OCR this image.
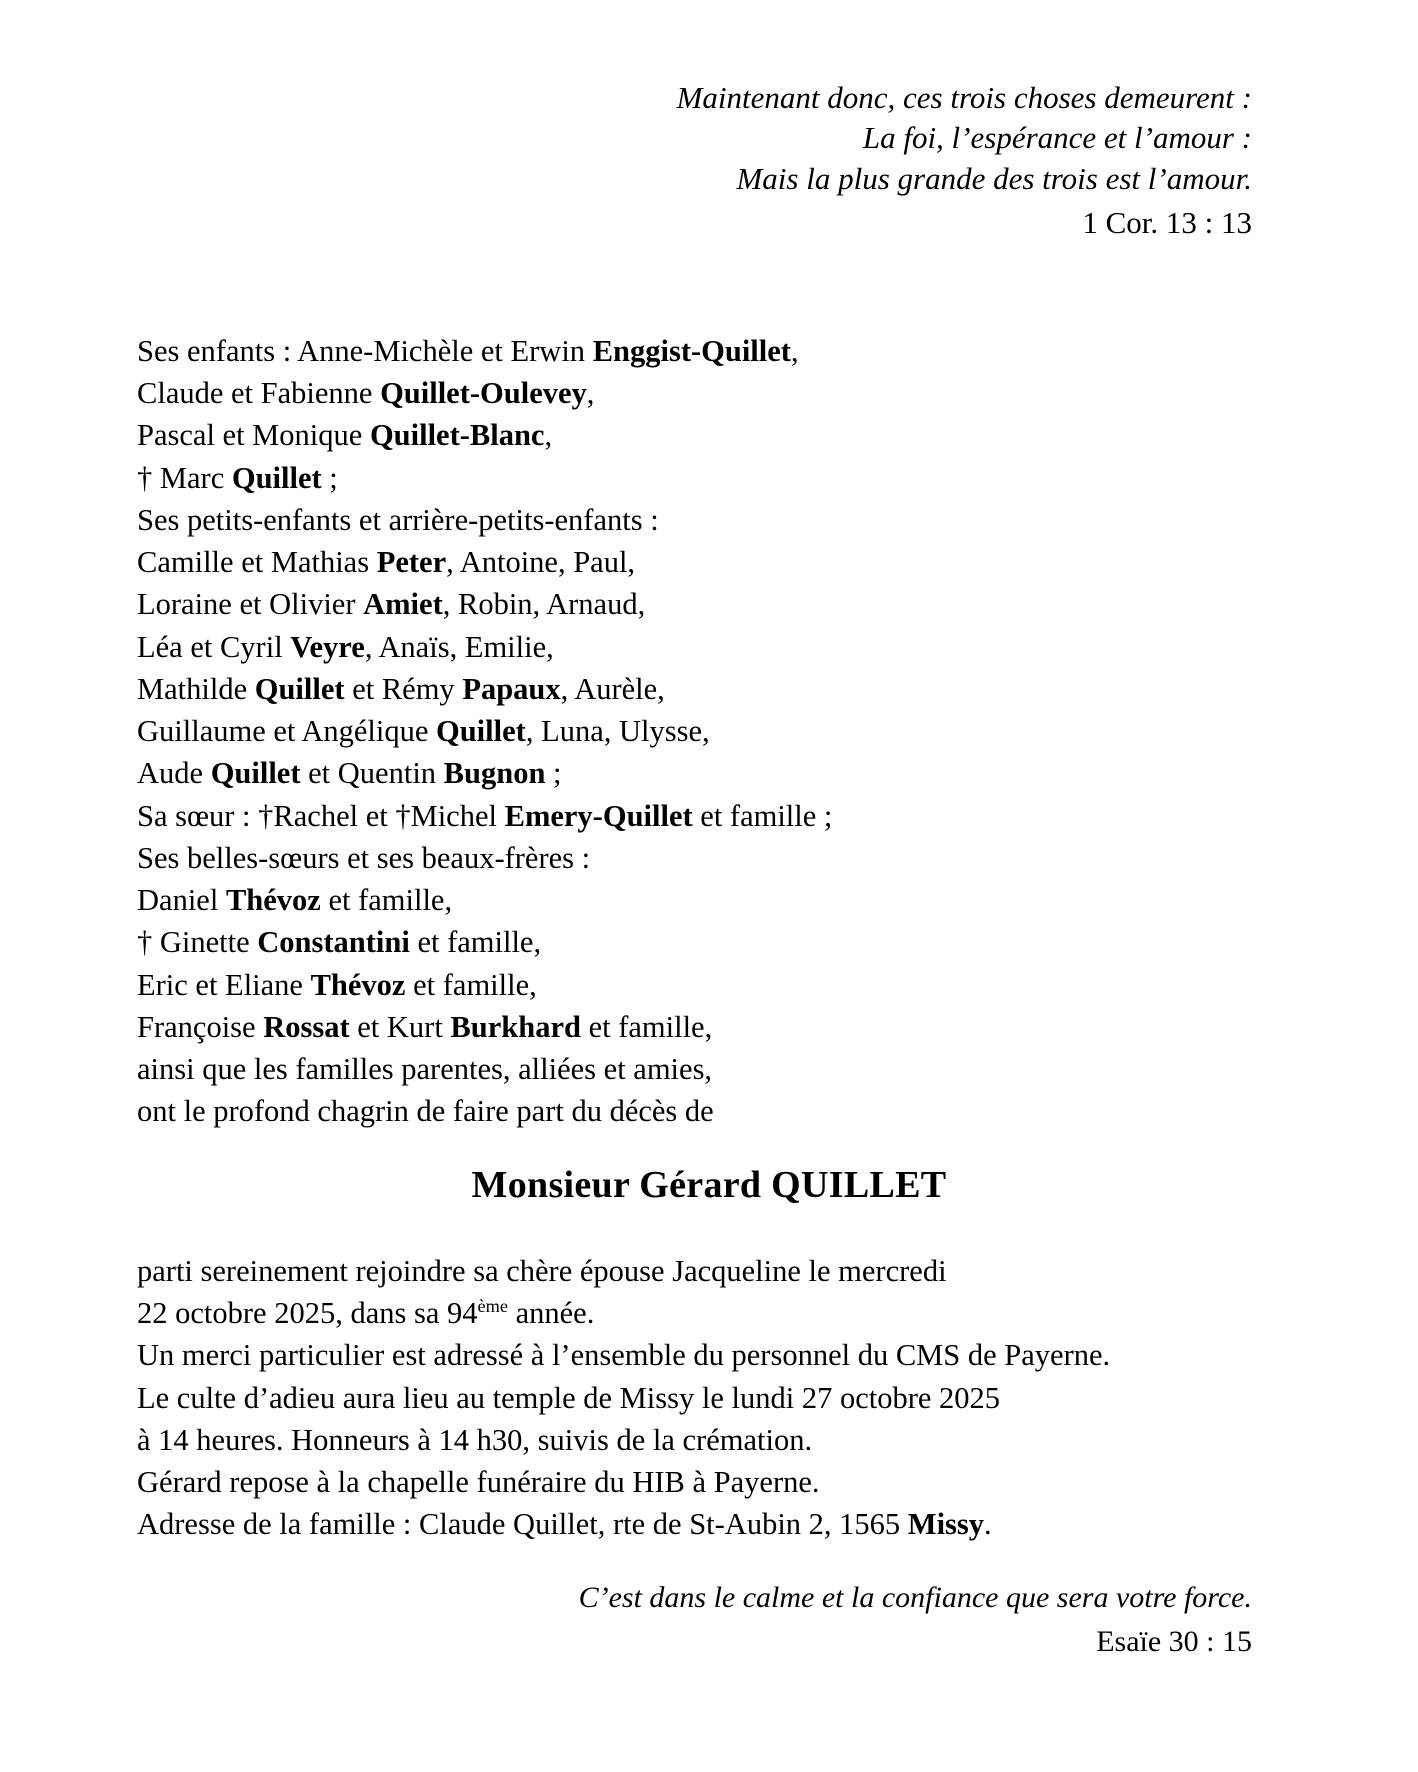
Maintenant donc, ces trois choses demeurent :
La foi, l’espérance et l’amour :
Mais la plus grande des trois est l’amour.
1 Cor. 13 : 13
Ses enfants : Anne-Michèle et Erwin Enggist-Quillet,
Claude et Fabienne Quillet-Oulevey,
Pascal et Monique Quillet-Blanc,
† Marc Quillet ;
Ses petits-enfants et arrière-petits-enfants :
Camille et Mathias Peter, Antoine, Paul,
Loraine et Olivier Amiet, Robin, Arnaud,
Léa et Cyril Veyre, Anaïs, Emilie,
Mathilde Quillet et Rémy Papaux, Aurèle,
Guillaume et Angélique Quillet, Luna, Ulysse,
Aude Quillet et Quentin Bugnon ;
Sa sœur : †Rachel et †Michel Emery-Quillet et famille ;
Ses belles-sœurs et ses beaux-frères :
Daniel Thévoz et famille,
† Ginette Constantini et famille,
Eric et Eliane Thévoz et famille,
Françoise Rossat et Kurt Burkhard et famille,
ainsi que les familles parentes, alliées et amies,
ont le profond chagrin de faire part du décès de
Monsieur Gérard QUILLET
parti sereinement rejoindre sa chère épouse Jacqueline le mercredi
22 octobre 2025, dans sa 94ème année.
Un merci particulier est adressé à l’ensemble du personnel du CMS de Payerne.
Le culte d’adieu aura lieu au temple de Missy le lundi 27 octobre 2025
à 14 heures. Honneurs à 14 h30, suivis de la crémation.
Gérard repose à la chapelle funéraire du HIB à Payerne.
Adresse de la famille : Claude Quillet, rte de St-Aubin 2, 1565 Missy.
C’est dans le calme et la confiance que sera votre force.
Esaïe 30 : 15
